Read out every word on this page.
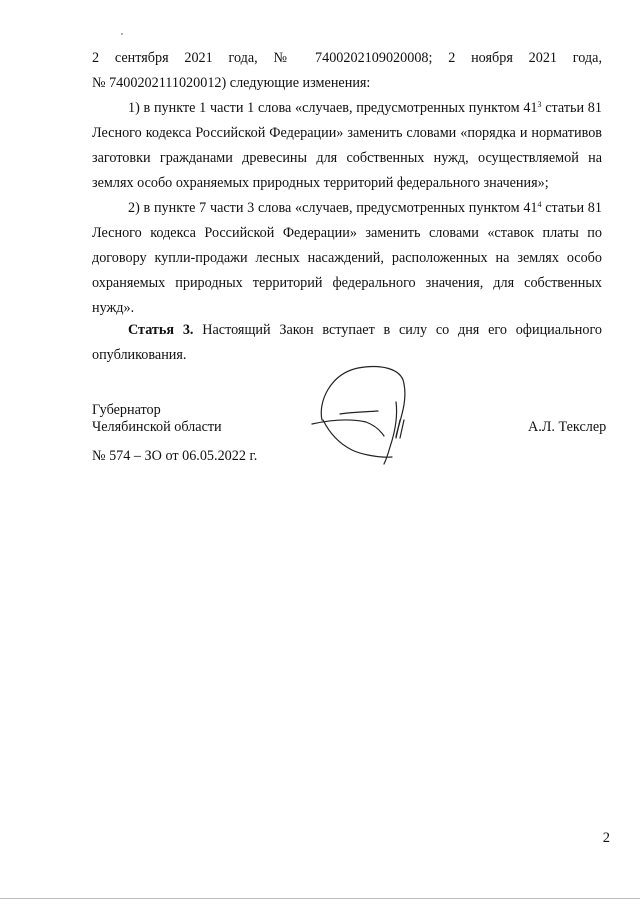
2 сентября 2021 года, № 7400202109020008; 2 ноября 2021 года,
№ 7400202111020012) следующие изменения:
1) в пункте 1 части 1 слова «случаев, предусмотренных пунктом $41^3$ статьи 81 Лесного кодекса Российской Федерации» заменить словами «порядка и нормативов заготовки гражданами древесины для собственных нужд, осуществляемой на землях особо охраняемых природных территорий федерального значения»;
2) в пункте 7 части 3 слова «случаев, предусмотренных пунктом $41^4$ статьи 81 Лесного кодекса Российской Федерации» заменить словами «ставок платы по договору купли-продажи лесных насаждений, расположенных на землях особо охраняемых природных территорий федерального значения, для собственных нужд».
Статья 3. Настоящий Закон вступает в силу со дня его официального опубликования.
Губернатор
Челябинской области	А.Л. Текслер
№ 574 – ЗО от 06.05.2022 г.
2
